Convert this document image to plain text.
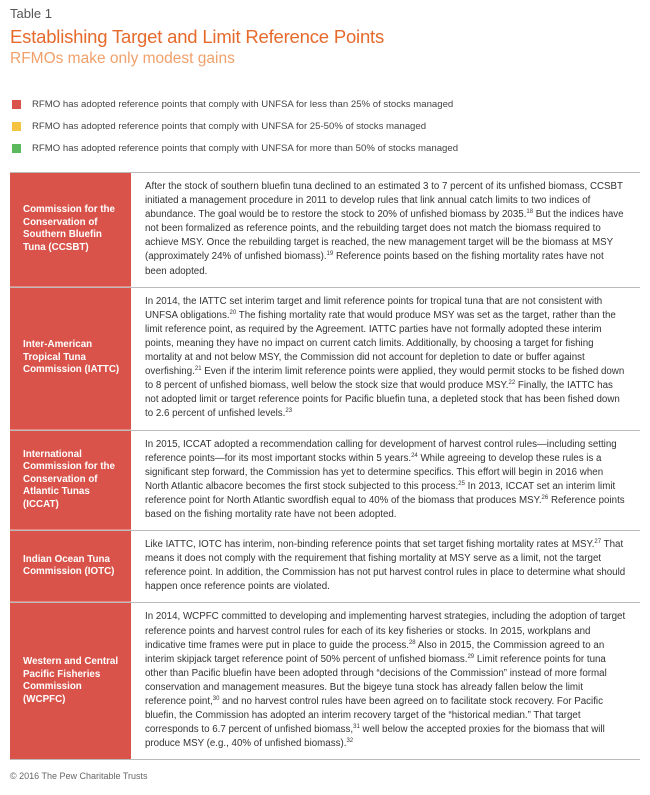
Table 1
Establishing Target and Limit Reference Points
RFMOs make only modest gains
RFMO has adopted reference points that comply with UNFSA for less than 25% of stocks managed
RFMO has adopted reference points that comply with UNFSA for 25-50% of stocks managed
RFMO has adopted reference points that comply with UNFSA for more than 50% of stocks managed
Commission for the Conservation of Southern Bluefin Tuna (CCSBT)
After the stock of southern bluefin tuna declined to an estimated 3 to 7 percent of its unfished biomass, CCSBT initiated a management procedure in 2011 to develop rules that link annual catch limits to two indices of abundance. The goal would be to restore the stock to 20% of unfished biomass by 2035.18 But the indices have not been formalized as reference points, and the rebuilding target does not match the biomass required to achieve MSY. Once the rebuilding target is reached, the new management target will be the biomass at MSY (approximately 24% of unfished biomass).$^{19}$ Reference points based on the fishing mortality rates have not been adopted.
Inter-American Tropical Tuna Commission (IATTC)
In 2014, the IATTC set interim target and limit reference points for tropical tuna that are not consistent with UNFSA obligations.$^{20}$ The fishing mortality rate that would produce MSY was set as the target, rather than the limit reference point, as required by the Agreement. IATTC parties have not formally adopted these interim points, meaning they have no impact on current catch limits. Additionally, by choosing a target for fishing mortality at and not below MSY, the Commission did not account for depletion to date or buffer against overfishing.$^{21}$ Even if the interim limit reference points were applied, they would permit stocks to be fished down to 8 percent of unfished biomass, well below the stock size that would produce MSY.$^{22}$ Finally, the IATTC has not adopted limit or target reference points for Pacific bluefin tuna, a depleted stock that has been fished down to 2.6 percent of unfished levels.$^{23}$
International Commission for the Conservation of Atlantic Tunas (ICCAT)
In 2015, ICCAT adopted a recommendation calling for development of harvest control rules—including setting reference points—for its most important stocks within 5 years.$^{24}$ While agreeing to develop these rules is a significant step forward, the Commission has yet to determine specifics. This effort will begin in 2016 when North Atlantic albacore becomes the first stock subjected to this process.$^{25}$ In 2013, ICCAT set an interim limit reference point for North Atlantic swordfish equal to 40% of the biomass that produces MSY.$^{26}$ Reference points based on the fishing mortality rate have not been adopted.
Indian Ocean Tuna Commission (IOTC)
Like IATTC, IOTC has interim, non-binding reference points that set target fishing mortality rates at MSY.$^{27}$ That means it does not comply with the requirement that fishing mortality at MSY serve as a limit, not the target reference point. In addition, the Commission has not put harvest control rules in place to determine what should happen once reference points are violated.
Western and Central Pacific Fisheries Commission (WCPFC)
In 2014, WCPFC committed to developing and implementing harvest strategies, including the adoption of target reference points and harvest control rules for each of its key fisheries or stocks. In 2015, workplans and indicative time frames were put in place to guide the process.$^{28}$ Also in 2015, the Commission agreed to an interim skipjack target reference point of 50% percent of unfished biomass.$^{29}$ Limit reference points for tuna other than Pacific bluefin have been adopted through “decisions of the Commission” instead of more formal conservation and management measures. But the bigeye tuna stock has already fallen below the limit reference point,$^{30}$ and no harvest control rules have been agreed on to facilitate stock recovery. For Pacific bluefin, the Commission has adopted an interim recovery target of the “historical median.” That target corresponds to 6.7 percent of unfished biomass,$^{31}$ well below the accepted proxies for the biomass that will produce MSY (e.g., 40% of unfished biomass).$^{32}$
© 2016 The Pew Charitable Trusts
